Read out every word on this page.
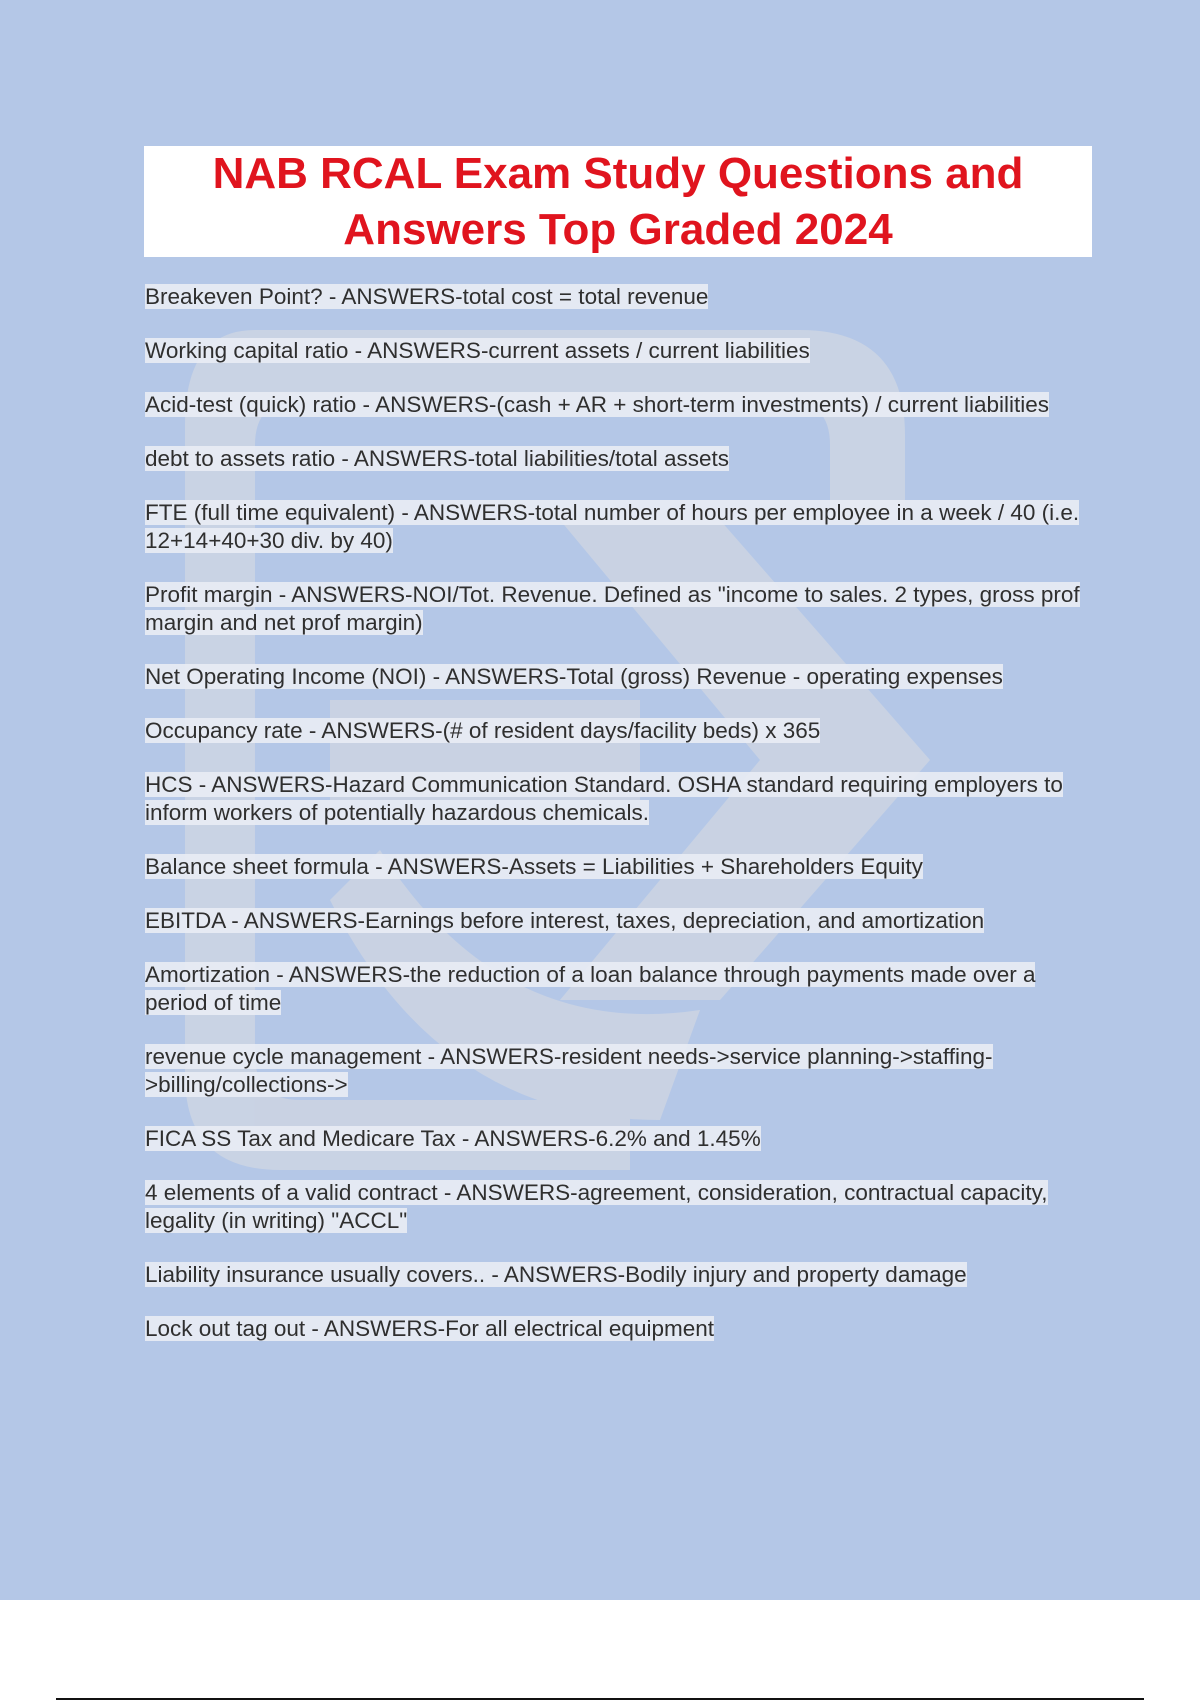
NAB RCAL Exam Study Questions and Answers Top Graded 2024

Breakeven Point? - ANSWERS-total cost = total revenue

Working capital ratio - ANSWERS-current assets / current liabilities

Acid-test (quick) ratio - ANSWERS-(cash + AR + short-term investments) / current liabilities

debt to assets ratio - ANSWERS-total liabilities/total assets

FTE (full time equivalent) - ANSWERS-total number of hours per employee in a week / 40 (i.e. 12+14+40+30 div. by 40)

Profit margin - ANSWERS-NOI/Tot. Revenue. Defined as "income to sales. 2 types, gross prof margin and net prof margin)

Net Operating Income (NOI) - ANSWERS-Total (gross) Revenue - operating expenses

Occupancy rate - ANSWERS-(# of resident days/facility beds) x 365

HCS - ANSWERS-Hazard Communication Standard. OSHA standard requiring employers to inform workers of potentially hazardous chemicals.

Balance sheet formula - ANSWERS-Assets = Liabilities + Shareholders Equity

EBITDA - ANSWERS-Earnings before interest, taxes, depreciation, and amortization

Amortization - ANSWERS-the reduction of a loan balance through payments made over a period of time

revenue cycle management - ANSWERS-resident needs->service planning->staffing->billing/collections->

FICA SS Tax and Medicare Tax - ANSWERS-6.2% and 1.45%

4 elements of a valid contract - ANSWERS-agreement, consideration, contractual capacity, legality (in writing) "ACCL"

Liability insurance usually covers.. - ANSWERS-Bodily injury and property damage

Lock out tag out - ANSWERS-For all electrical equipment
